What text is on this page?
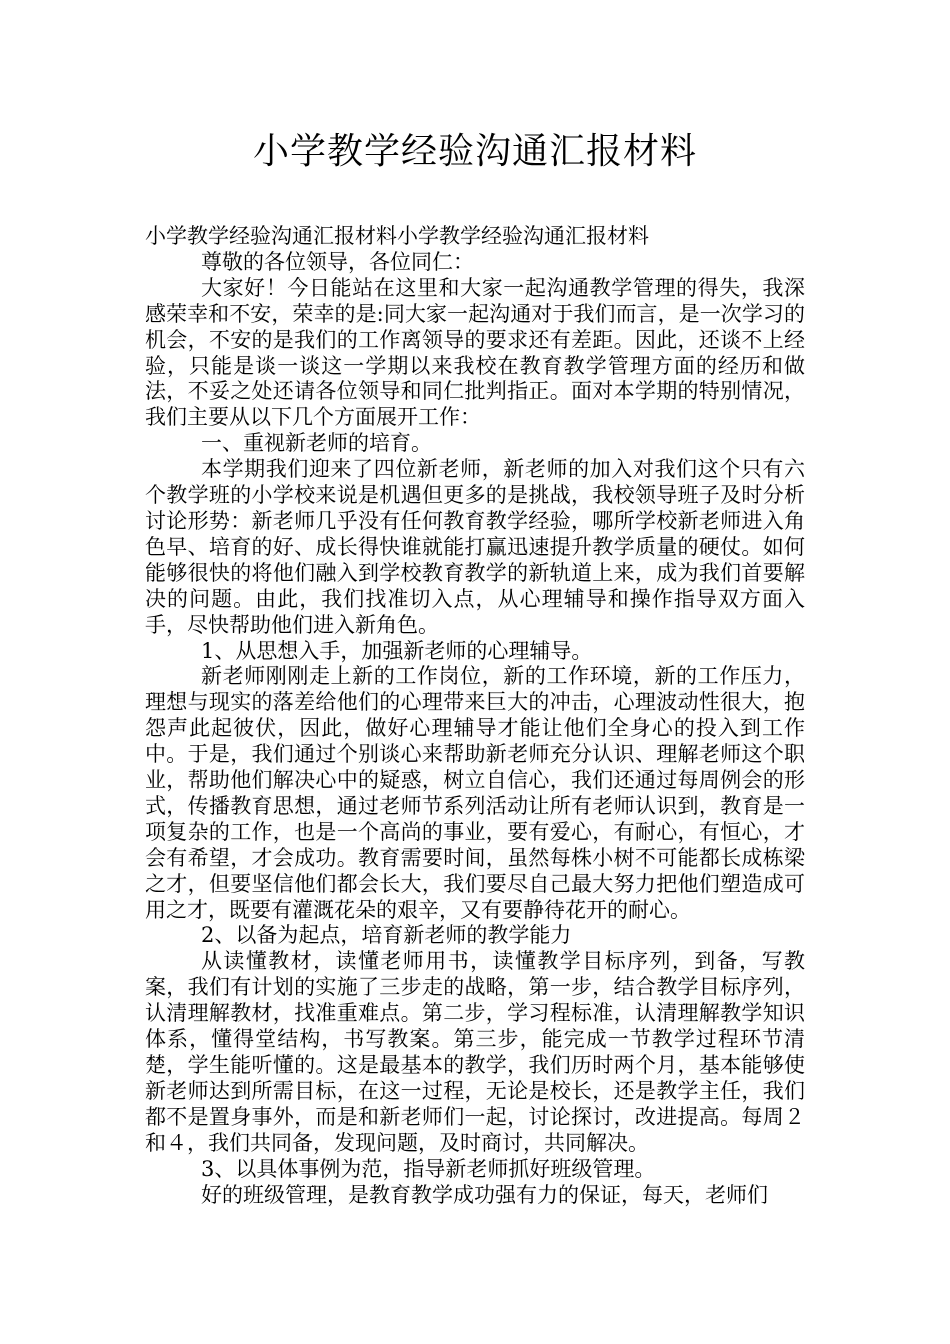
小学教学经验沟通汇报材料

小学教学经验沟通汇报材料小学教学经验沟通汇报材料

尊敬的各位领导，各位同仁：

大家好！今日能站在这里和大家一起沟通教学管理的得失，我深感荣幸和不安，荣幸的是:同大家一起沟通对于我们而言，是一次学习的机会，不安的是我们的工作离领导的要求还有差距。因此，还谈不上经验，只能是谈一谈这一学期以来我校在教育教学管理方面的经历和做法，不妥之处还请各位领导和同仁批判指正。面对本学期的特别情况，我们主要从以下几个方面展开工作：

一、重视新老师的培育。

本学期我们迎来了四位新老师，新老师的加入对我们这个只有六个教学班的小学校来说是机遇但更多的是挑战，我校领导班子及时分析讨论形势：新老师几乎没有任何教育教学经验，哪所学校新老师进入角色早、培育的好、成长得快谁就能打赢迅速提升教学质量的硬仗。如何能够很快的将他们融入到学校教育教学的新轨道上来，成为我们首要解决的问题。由此，我们找准切入点，从心理辅导和操作指导双方面入手，尽快帮助他们进入新角色。

1、从思想入手，加强新老师的心理辅导。

新老师刚刚走上新的工作岗位，新的工作环境，新的工作压力，理想与现实的落差给他们的心理带来巨大的冲击，心理波动性很大，抱怨声此起彼伏，因此，做好心理辅导才能让他们全身心的投入到工作中。于是，我们通过个别谈心来帮助新老师充分认识、理解老师这个职业，帮助他们解决心中的疑惑，树立自信心，我们还通过每周例会的形式，传播教育思想，通过老师节系列活动让所有老师认识到，教育是一项复杂的工作，也是一个高尚的事业，要有爱心，有耐心，有恒心，才会有希望，才会成功。教育需要时间，虽然每株小树不可能都长成栋梁之才，但要坚信他们都会长大，我们要尽自己最大努力把他们塑造成可用之才，既要有灌溉花朵的艰辛，又有要静待花开的耐心。

2、以备为起点，培育新老师的教学能力

从读懂教材，读懂老师用书，读懂教学目标序列，到备，写教案，我们有计划的实施了三步走的战略，第一步，结合教学目标序列，认清理解教材，找准重难点。第二步，学习程标准，认清理解教学知识体系，懂得堂结构，书写教案。第三步，能完成一节教学过程环节清楚，学生能听懂的。这是最基本的教学，我们历时两个月，基本能够使新老师达到所需目标，在这一过程，无论是校长，还是教学主任，我们都不是置身事外，而是和新老师们一起，讨论探讨，改进提高。每周２和４，我们共同备，发现问题，及时商讨，共同解决。

3、以具体事例为范，指导新老师抓好班级管理。

好的班级管理，是教育教学成功强有力的保证，每天，老师们
